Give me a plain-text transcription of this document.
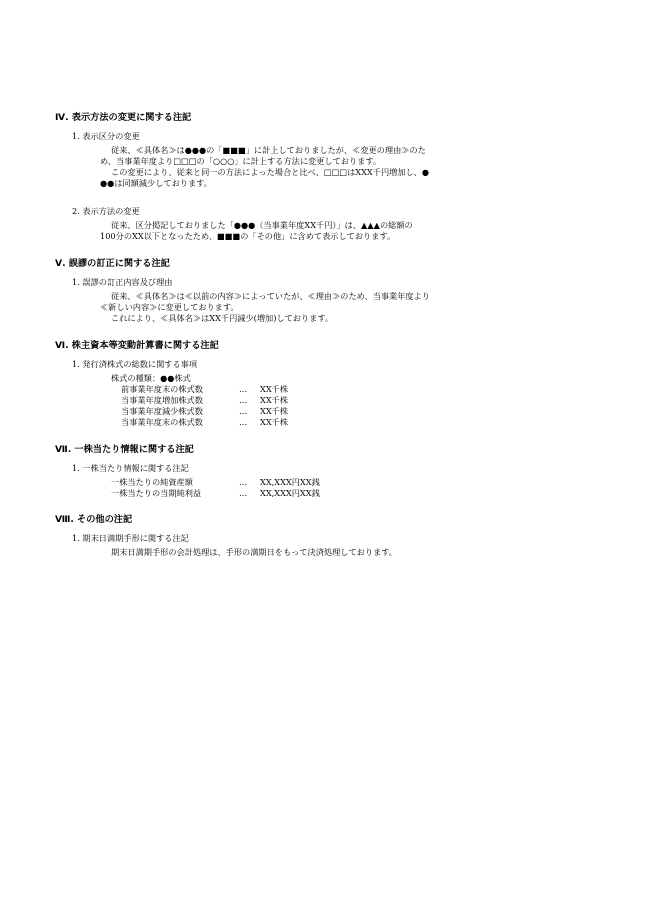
Ⅳ. 表示方法の変更に関する注記
1. 表示区分の変更
従来、≪具体名≫は●●●の「■■■」に計上しておりましたが、≪変更の理由≫のた
め、当事業年度より□□□の「○○○」に計上する方法に変更しております。
この変更により、従来と同一の方法によった場合と比べ、□□□はXXX千円増加し、●
●●は同額減少しております。
2. 表示方法の変更
従来、区分掲記しておりました「●●●（当事業年度XX千円）」は、▲▲▲の総額の
100分のXX以下となったため、■■■の「その他」に含めて表示しております。
Ⅴ. 誤謬の訂正に関する注記
1. 誤謬の訂正内容及び理由
従来、≪具体名≫は≪以前の内容≫によっていたが、≪理由≫のため、当事業年度より
≪新しい内容≫に変更しております。
これにより、≪具体名≫はXX千円減少(増加)しております。
Ⅵ. 株主資本等変動計算書に関する注記
1. 発行済株式の総数に関する事項
株式の種類：●●株式
前事業年度末の株式数	… XX千株
当事業年度増加株式数	… XX千株
当事業年度減少株式数	… XX千株
当事業年度末の株式数	… XX千株
Ⅶ. 一株当たり情報に関する注記
1. 一株当たり情報に関する注記
一株当たりの純資産額	… XX,XXX円XX銭
一株当たりの当期純利益	… XX,XXX円XX銭
Ⅷ. その他の注記
1. 期末日満期手形に関する注記
期末日満期手形の会計処理は、手形の満期日をもって決済処理しております。
